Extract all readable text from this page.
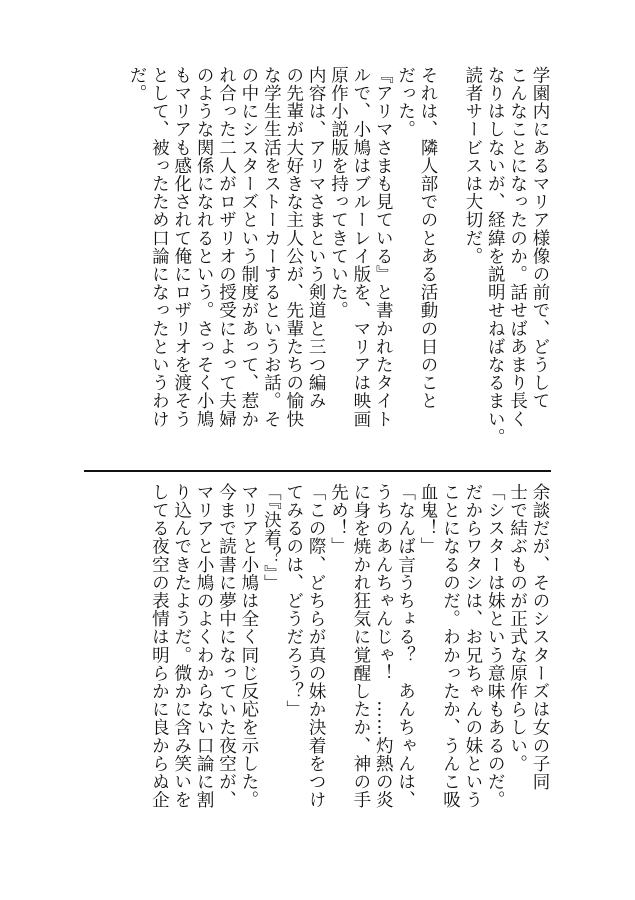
学園内にあるマリア様像の前で、どうして
こんなことになったのか。話せばあまり長く
なりはしないが、経緯を説明せねばなるまい。
読者サービスは大切だ。
それは、隣人部でのとある活動の日のこと
だった。
『アリマさまも見ている』と書かれたタイト
ルで、小鳩はブルーレイ版を、マリアは映画
原作小説版を持ってきていた。
内容は、アリマさまという剣道と三つ編み
の先輩が大好きな主人公が、先輩たちの愉快
な学生生活をストーカーするというお話。そ
の中にシスターズという制度があって、惹か
れ合った二人がロザリオの授受によって夫婦
のような関係になれるという。さっそく小鳩
もマリアも感化されて俺にロザリオを渡そう
として、被ったため口論になったというわけ
だ。
余談だが、そのシスターズは女の子同
士で結ぶものが正式な原作らしい。
「シスターは妹という意味もあるのだ。
だからワタシは、お兄ちゃんの妹という
ことになるのだ。わかったか、うんこ吸
血鬼！」
「なんば言うちょる？　あんちゃんは、
うちのあんちゃんじゃ！　……灼熱の炎
に身を焼かれ狂気に覚醒したか、神の手
先め！」
「この際、どちらが真の妹か決着をつけ
てみるのは、どうだろう？」
「『決着？』」
マリアと小鳩は全く同じ反応を示した。
今まで読書に夢中になっていた夜空が、
マリアと小鳩のよくわからない口論に割
り込んできたようだ。微かに含み笑いを
してる夜空の表情は明らかに良からぬ企
